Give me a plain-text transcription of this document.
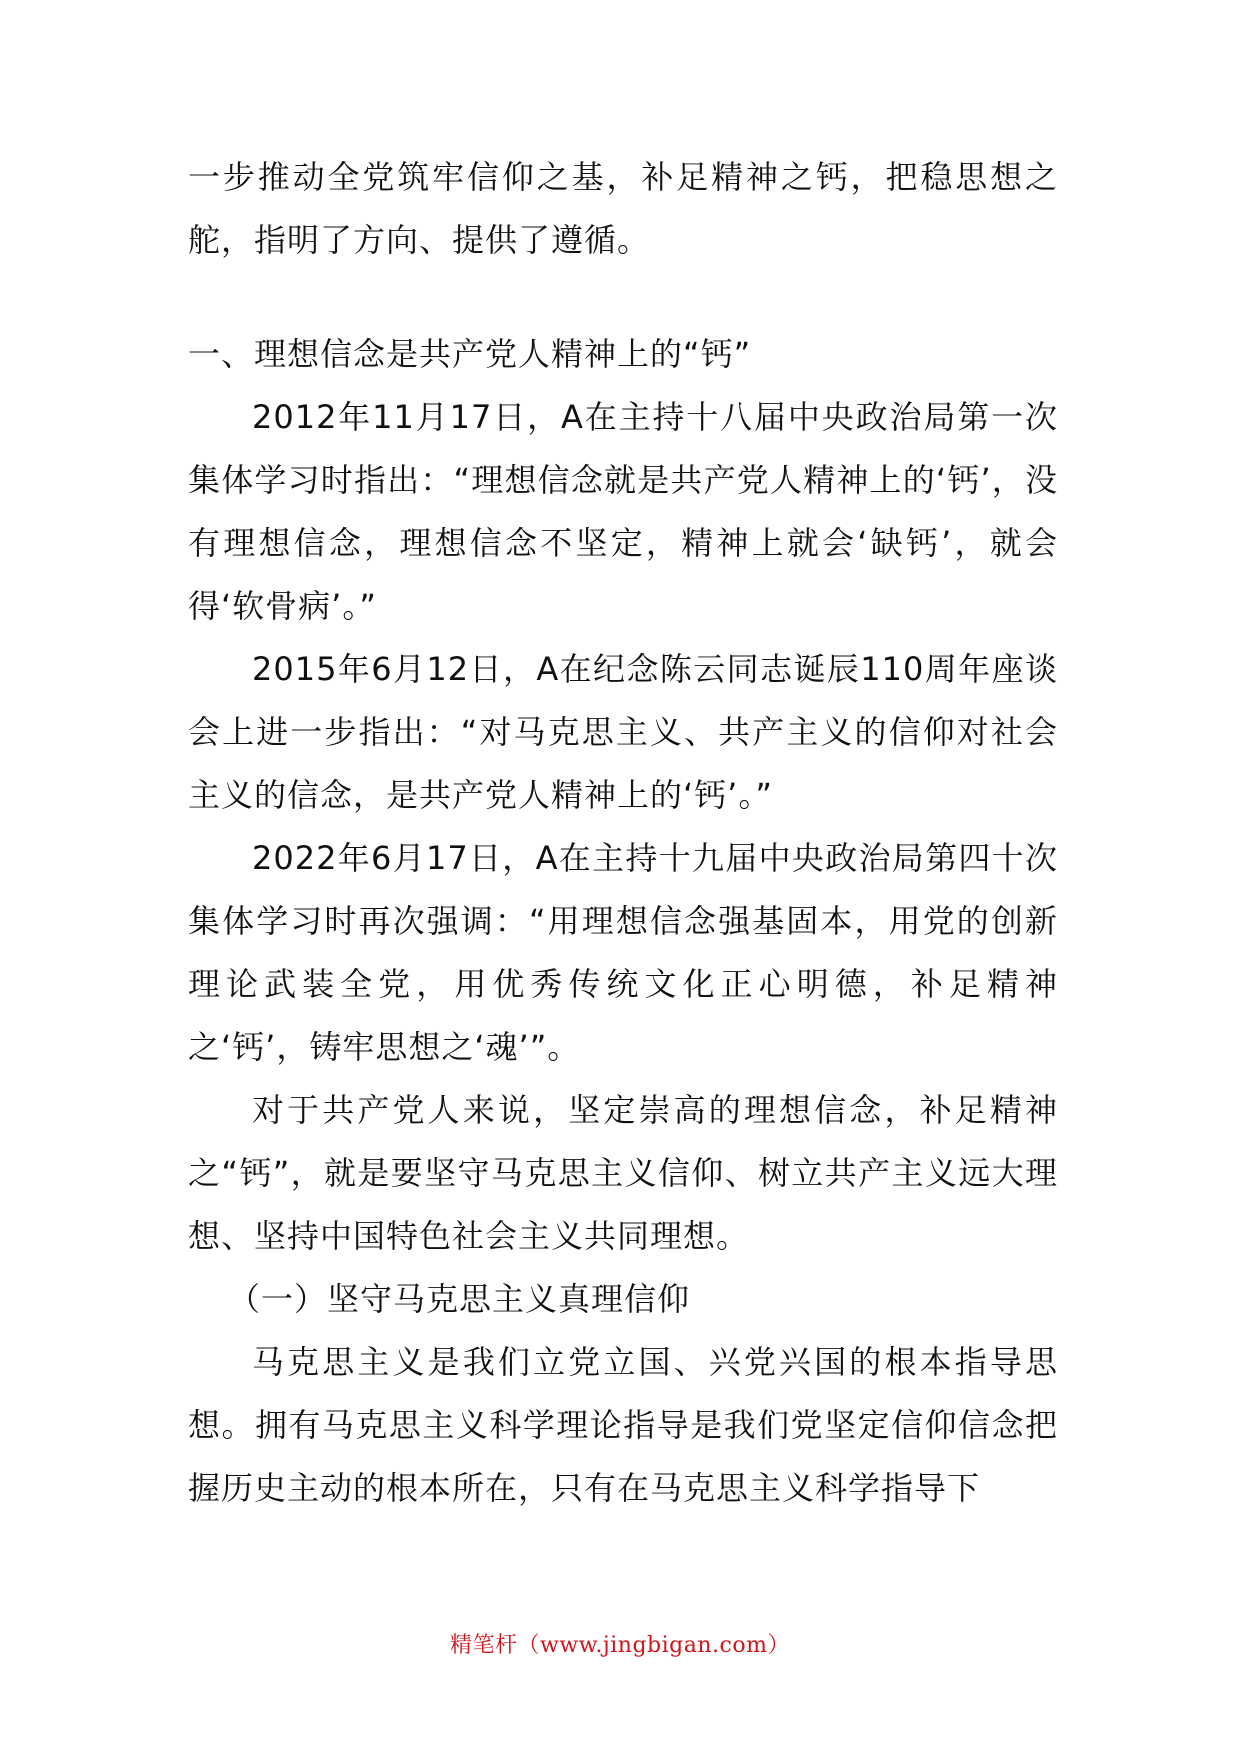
一步推动全党筑牢信仰之基，补足精神之钙，把稳思想之舵，指明了方向、提供了遵循。

一、理想信念是共产党人精神上的“钙”

2012年11月17日，A在主持十八届中央政治局第一次集体学习时指出：“理想信念就是共产党人精神上的‘钙’，没有理想信念，理想信念不坚定，精神上就会‘缺钙’，就会得‘软骨病’。”

2015年6月12日，A在纪念陈云同志诞辰110周年座谈会上进一步指出：“对马克思主义、共产主义的信仰对社会主义的信念，是共产党人精神上的‘钙’。”

2022年6月17日，A在主持十九届中央政治局第四十次集体学习时再次强调：“用理想信念强基固本，用党的创新理论武装全党，用优秀传统文化正心明德，补足精神之‘钙’，铸牢思想之‘魂’”。

对于共产党人来说，坚定崇高的理想信念，补足精神之“钙”，就是要坚守马克思主义信仰、树立共产主义远大理想、坚持中国特色社会主义共同理想。

（一）坚守马克思主义真理信仰

马克思主义是我们立党立国、兴党兴国的根本指导思想。拥有马克思主义科学理论指导是我们党坚定信仰信念把握历史主动的根本所在，只有在马克思主义科学指导下

精笔杆（www.jingbigan.com）
